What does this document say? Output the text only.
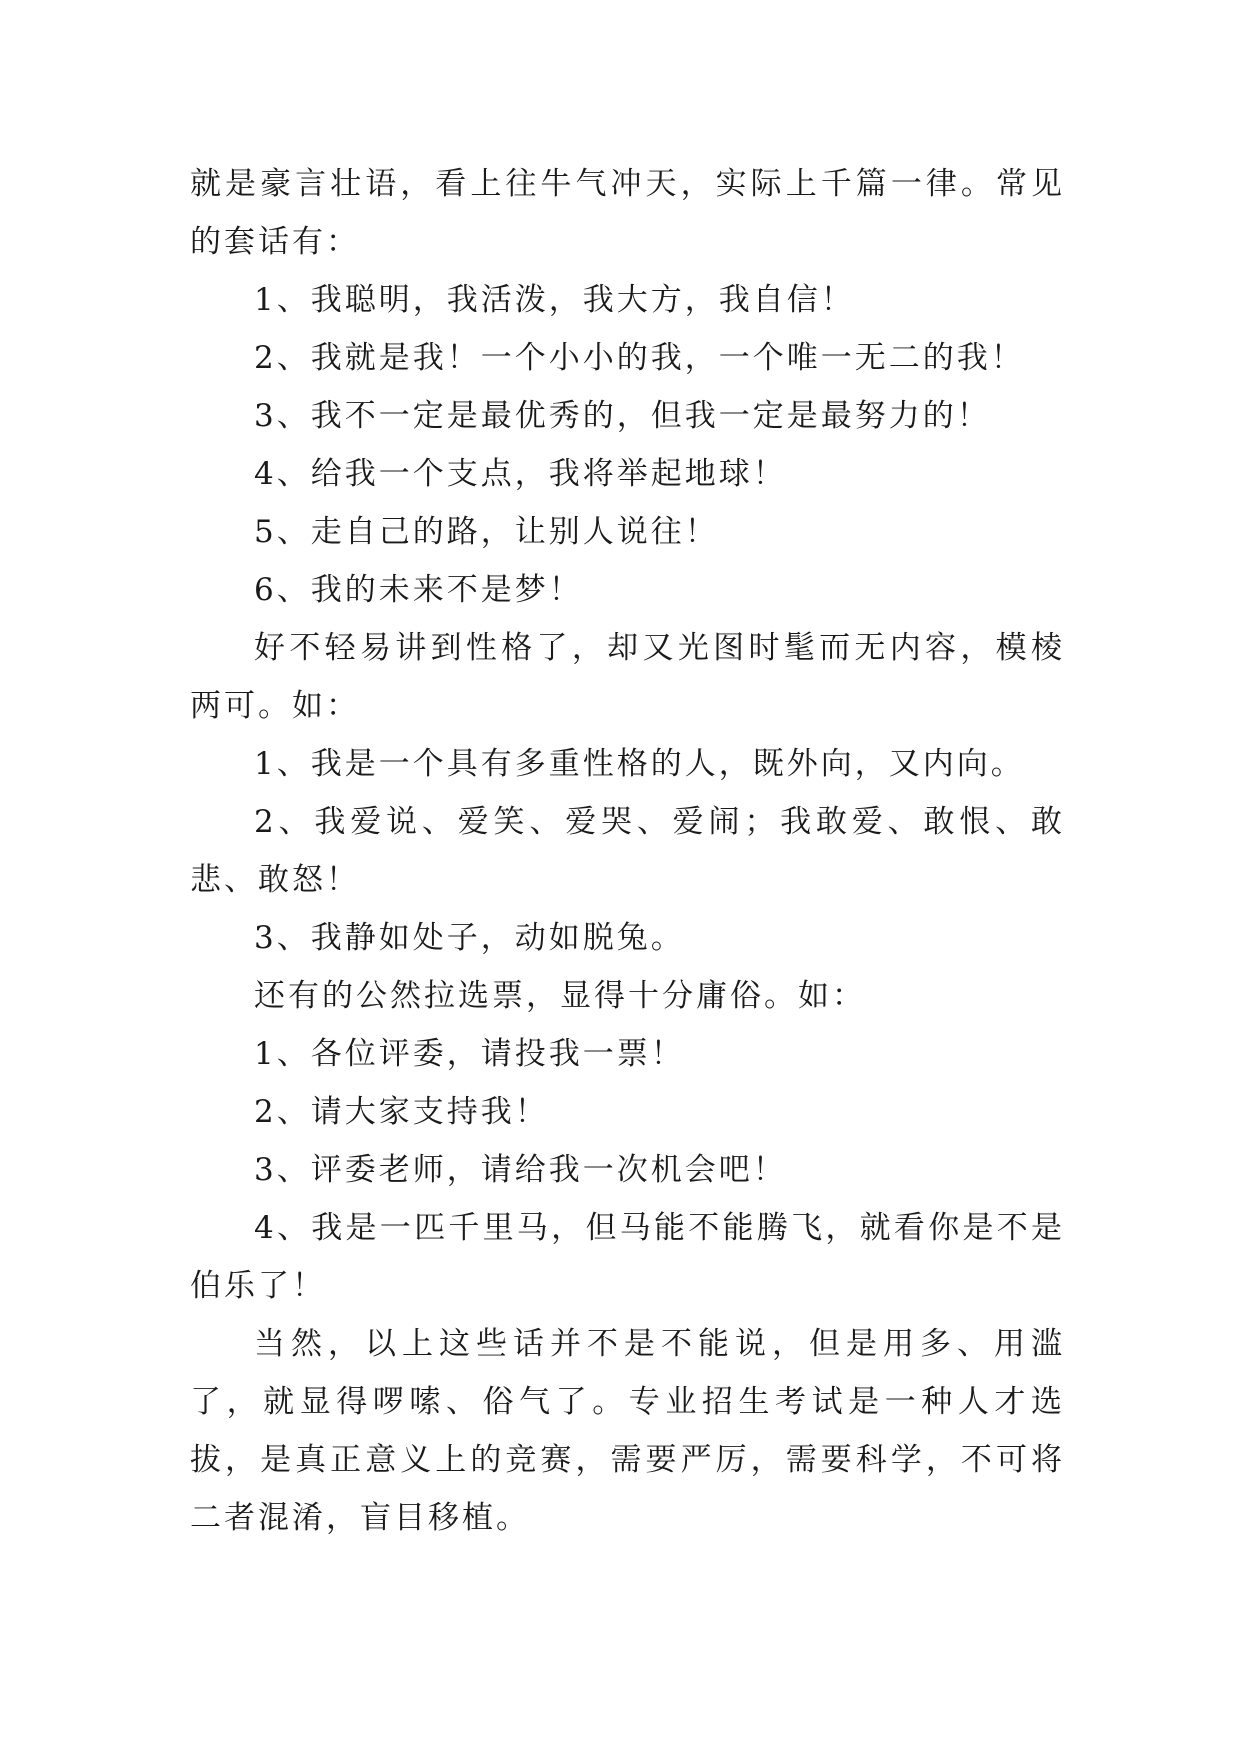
就是豪言壮语，看上往牛气冲天，实际上千篇一律。常见的套话有：

1、我聪明，我活泼，我大方，我自信！

2、我就是我！一个小小的我，一个唯一无二的我！

3、我不一定是最优秀的，但我一定是最努力的！

4、给我一个支点，我将举起地球！

5、走自己的路，让别人说往！

6、我的未来不是梦！

好不轻易讲到性格了，却又光图时髦而无内容，模棱两可。如：

1、我是一个具有多重性格的人，既外向，又内向。

2、我爱说、爱笑、爱哭、爱闹；我敢爱、敢恨、敢悲、敢怒！

3、我静如处子，动如脱兔。

还有的公然拉选票，显得十分庸俗。如：

1、各位评委，请投我一票！

2、请大家支持我！

3、评委老师，请给我一次机会吧！

4、我是一匹千里马，但马能不能腾飞，就看你是不是伯乐了！

当然，以上这些话并不是不能说，但是用多、用滥了，就显得啰嗦、俗气了。专业招生考试是一种人才选拔，是真正意义上的竞赛，需要严厉，需要科学，不可将二者混淆，盲目移植。
